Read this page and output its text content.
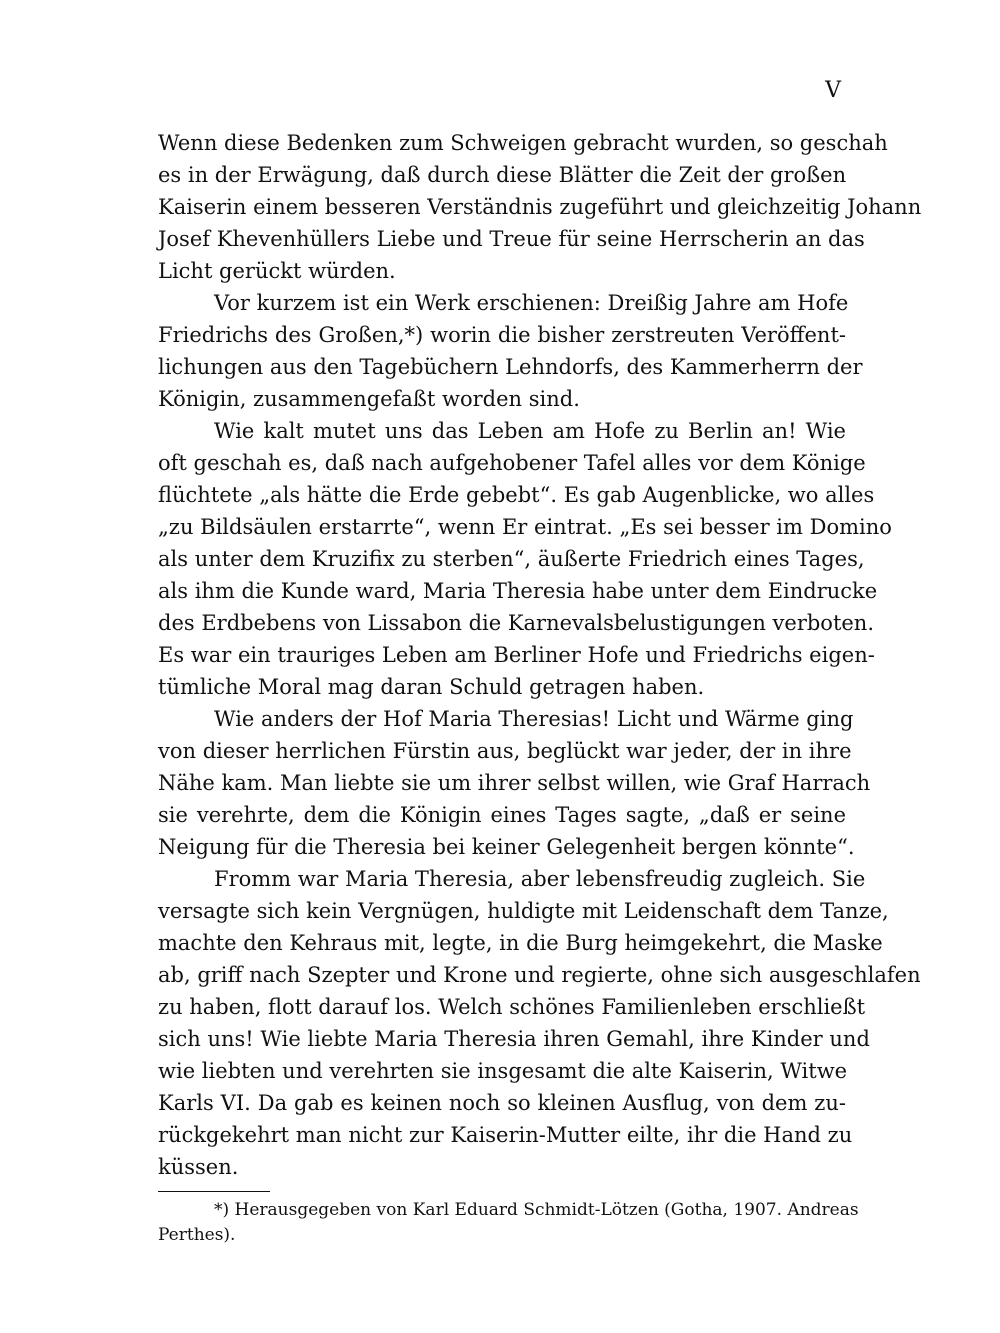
V
Wenn diese Bedenken zum Schweigen gebracht wurden, so geschah
es in der Erwägung, daß durch diese Blätter die Zeit der großen
Kaiserin einem besseren Verständnis zugeführt und gleichzeitig Johann
Josef Khevenhüllers Liebe und Treue für seine Herrscherin an das
Licht gerückt würden.
Vor kurzem ist ein Werk erschienen: Dreißig Jahre am Hofe
Friedrichs des Großen,*) worin die bisher zerstreuten Veröffent-
lichungen aus den Tagebüchern Lehndorfs, des Kammerherrn der
Königin, zusammengefaßt worden sind.
Wie kalt mutet uns das Leben am Hofe zu Berlin an! Wie
oft geschah es, daß nach aufgehobener Tafel alles vor dem Könige
flüchtete „als hätte die Erde gebebt“. Es gab Augenblicke, wo alles
„zu Bildsäulen erstarrte“, wenn Er eintrat. „Es sei besser im Domino
als unter dem Kruzifix zu sterben“, äußerte Friedrich eines Tages,
als ihm die Kunde ward, Maria Theresia habe unter dem Eindrucke
des Erdbebens von Lissabon die Karnevalsbelustigungen verboten.
Es war ein trauriges Leben am Berliner Hofe und Friedrichs eigen-
tümliche Moral mag daran Schuld getragen haben.
Wie anders der Hof Maria Theresias! Licht und Wärme ging
von dieser herrlichen Fürstin aus, beglückt war jeder, der in ihre
Nähe kam. Man liebte sie um ihrer selbst willen, wie Graf Harrach
sie verehrte, dem die Königin eines Tages sagte, „daß er seine
Neigung für die Theresia bei keiner Gelegenheit bergen könnte“.
Fromm war Maria Theresia, aber lebensfreudig zugleich. Sie
versagte sich kein Vergnügen, huldigte mit Leidenschaft dem Tanze,
machte den Kehraus mit, legte, in die Burg heimgekehrt, die Maske
ab, griff nach Szepter und Krone und regierte, ohne sich ausgeschlafen
zu haben, flott darauf los. Welch schönes Familienleben erschließt
sich uns! Wie liebte Maria Theresia ihren Gemahl, ihre Kinder und
wie liebten und verehrten sie insgesamt die alte Kaiserin, Witwe
Karls VI. Da gab es keinen noch so kleinen Ausflug, von dem zu-
rückgekehrt man nicht zur Kaiserin-Mutter eilte, ihr die Hand zu
küssen.
*) Herausgegeben von Karl Eduard Schmidt-Lötzen (Gotha, 1907. Andreas
Perthes).
